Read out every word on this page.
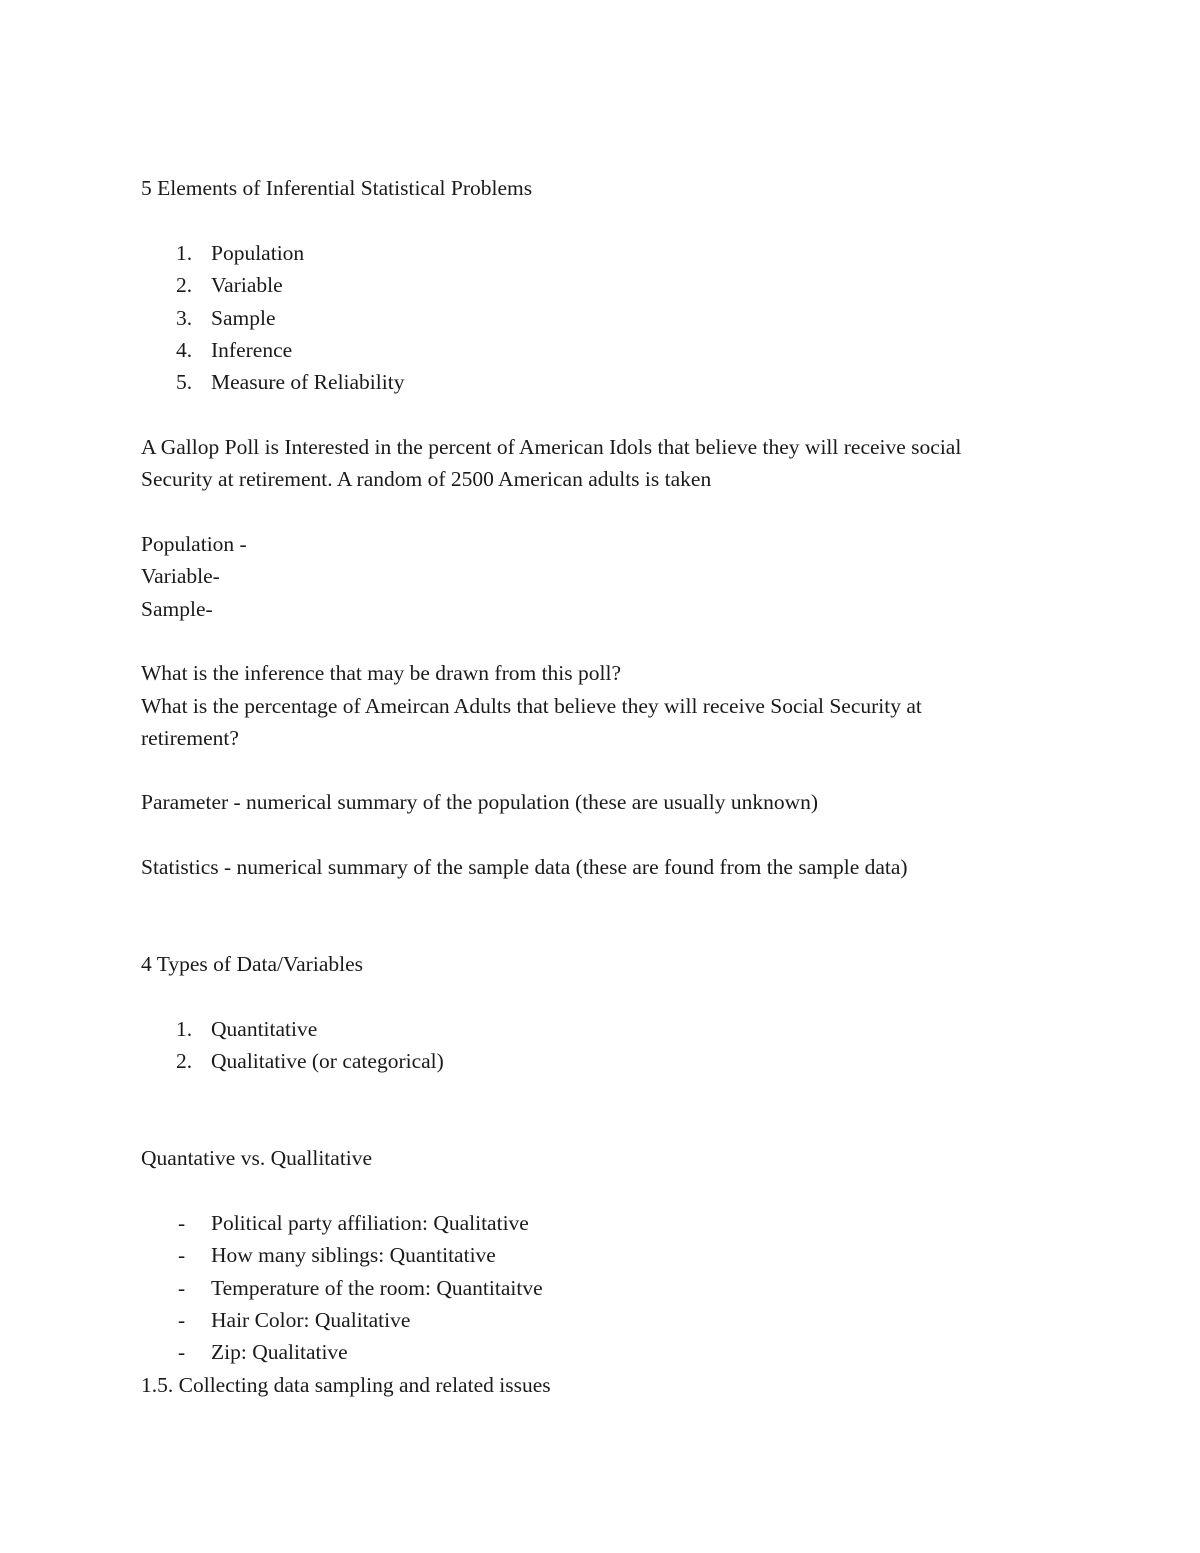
5 Elements of Inferential Statistical Problems
1. Population
2. Variable
3. Sample
4. Inference
5. Measure of Reliability
A Gallop Poll is Interested in the percent of American Idols that believe they will receive social
Security at retirement. A random of 2500 American adults is taken
Population -
Variable-
Sample-
What is the inference that may be drawn from this poll?
What is the percentage of Ameircan Adults that believe they will receive Social Security at
retirement?
Parameter - numerical summary of the population (these are usually unknown)
Statistics - numerical summary of the sample data (these are found from the sample data)
4 Types of Data/Variables
1. Quantitative
2. Qualitative (or categorical)
Quantative vs. Quallitative
- Political party affiliation: Qualitative
- How many siblings: Quantitative
- Temperature of the room: Quantitaitve
- Hair Color: Qualitative
- Zip: Qualitative
1.5. Collecting data sampling and related issues
